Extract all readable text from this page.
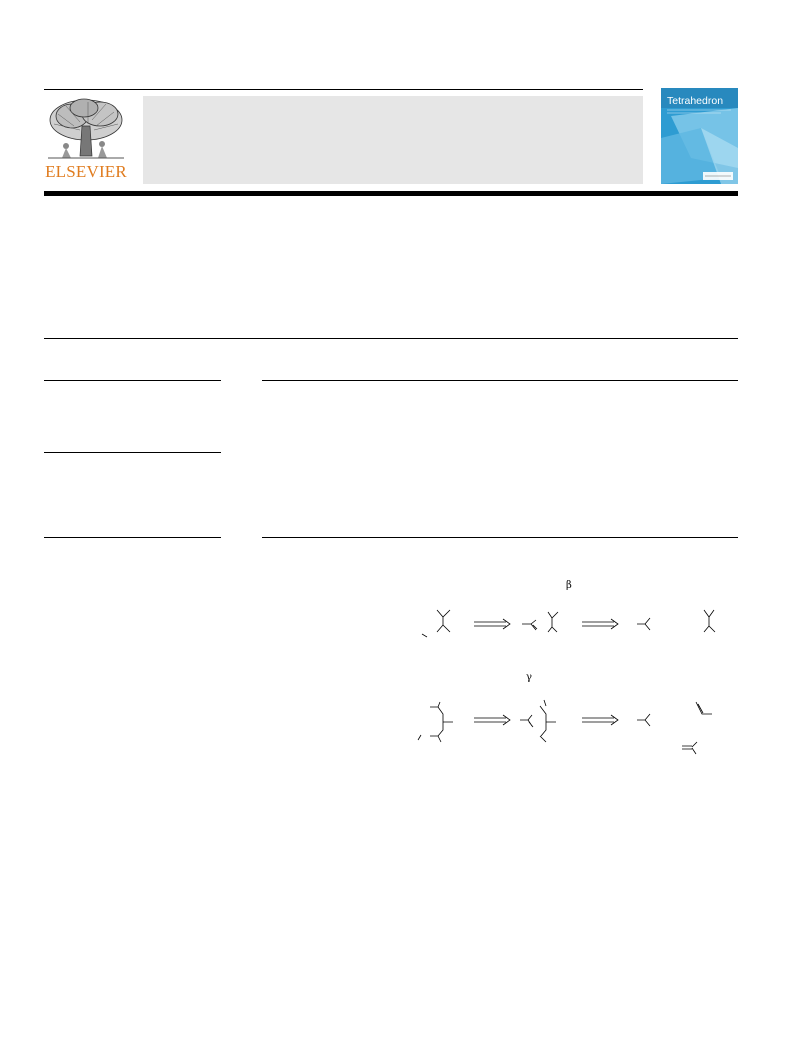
ELSEVIER
Tetrahedron
β
γ
